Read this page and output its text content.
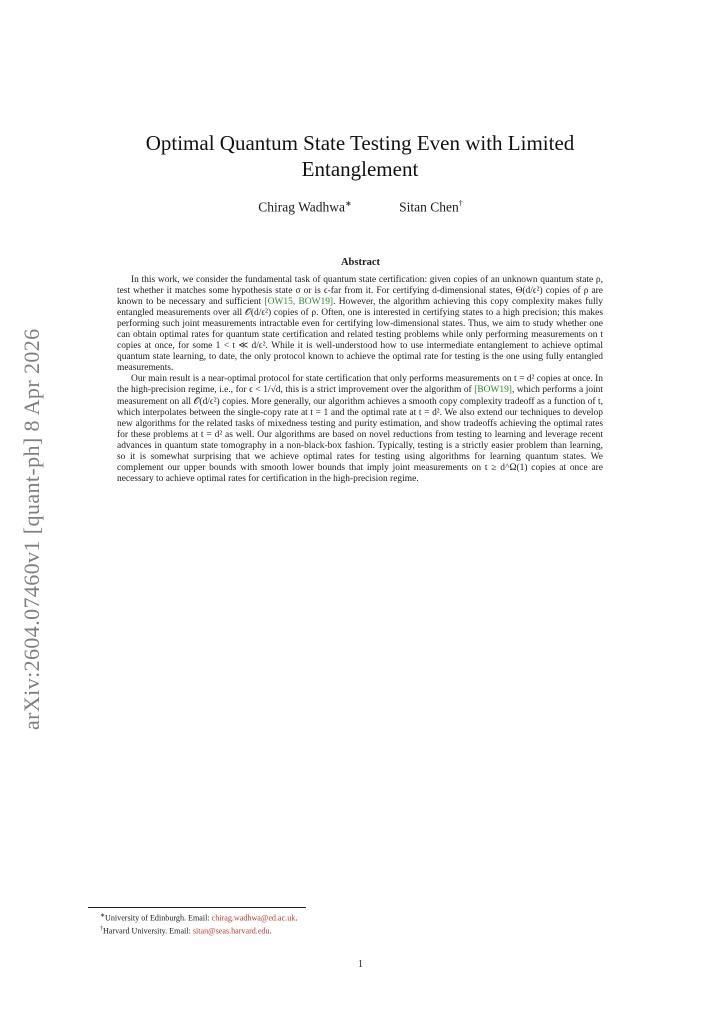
arXiv:2604.07460v1 [quant-ph] 8 Apr 2026
Optimal Quantum State Testing Even with Limited Entanglement
Chirag Wadhwa∗	Sitan Chen†
Abstract

In this work, we consider the fundamental task of quantum state certification: given copies of an unknown quantum state ρ, test whether it matches some hypothesis state σ or is ϵ-far from it. For certifying d-dimensional states, Θ(d/ϵ²) copies of ρ are known to be necessary and sufficient [OW15, BOW19]. However, the algorithm achieving this copy complexity makes fully entangled measurements over all 𝒪(d/ϵ²) copies of ρ. Often, one is interested in certifying states to a high precision; this makes performing such joint measurements intractable even for certifying low-dimensional states. Thus, we aim to study whether one can obtain optimal rates for quantum state certification and related testing problems while only performing measurements on t copies at once, for some 1 < t ≪ d/ϵ². While it is well-understood how to use intermediate entanglement to achieve optimal quantum state learning, to date, the only protocol known to achieve the optimal rate for testing is the one using fully entangled measurements.

Our main result is a near-optimal protocol for state certification that only performs measurements on t = d² copies at once. In the high-precision regime, i.e., for ϵ < 1/√d, this is a strict improvement over the algorithm of [BOW19], which performs a joint measurement on all 𝒪(d/ϵ²) copies. More generally, our algorithm achieves a smooth copy complexity tradeoff as a function of t, which interpolates between the single-copy rate at t = 1 and the optimal rate at t = d². We also extend our techniques to develop new algorithms for the related tasks of mixedness testing and purity estimation, and show tradeoffs achieving the optimal rates for these problems at t = d² as well. Our algorithms are based on novel reductions from testing to learning and leverage recent advances in quantum state tomography in a non-black-box fashion. Typically, testing is a strictly easier problem than learning, so it is somewhat surprising that we achieve optimal rates for testing using algorithms for learning quantum states. We complement our upper bounds with smooth lower bounds that imply joint measurements on t ≥ d^Ω(1) copies at once are necessary to achieve optimal rates for certification in the high-precision regime.

∗University of Edinburgh. Email: chirag.wadhwa@ed.ac.uk.
†Harvard University. Email: sitan@seas.harvard.edu.
1
